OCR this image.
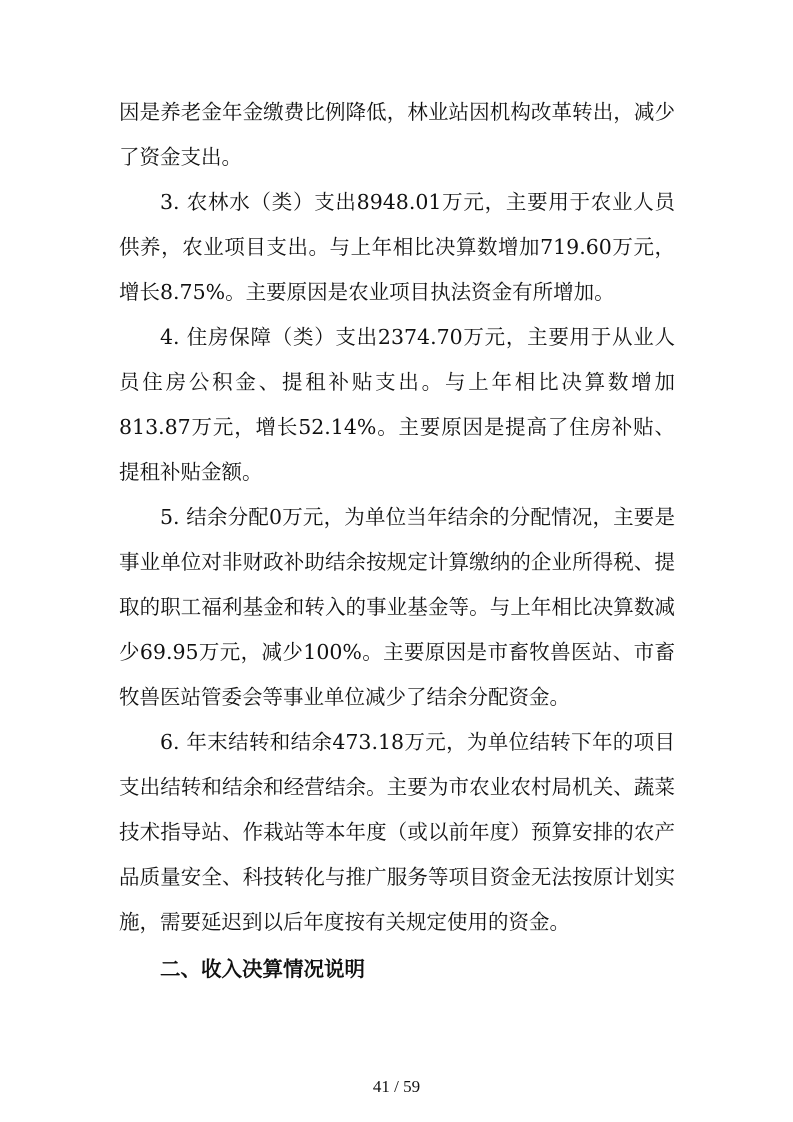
因是养老金年金缴费比例降低，林业站因机构改革转出，减少了资金支出。

3. 农林水（类）支出8948.01万元，主要用于农业人员供养，农业项目支出。与上年相比决算数增加719.60万元，增长8.75%。主要原因是农业项目执法资金有所增加。

4. 住房保障（类）支出2374.70万元，主要用于从业人员住房公积金、提租补贴支出。与上年相比决算数增加813.87万元，增长52.14%。主要原因是提高了住房补贴、提租补贴金额。

5. 结余分配0万元，为单位当年结余的分配情况，主要是事业单位对非财政补助结余按规定计算缴纳的企业所得税、提取的职工福利基金和转入的事业基金等。与上年相比决算数减少69.95万元，减少100%。主要原因是市畜牧兽医站、市畜牧兽医站管委会等事业单位减少了结余分配资金。

6. 年末结转和结余473.18万元，为单位结转下年的项目支出结转和结余和经营结余。主要为市农业农村局机关、蔬菜技术指导站、作栽站等本年度（或以前年度）预算安排的农产品质量安全、科技转化与推广服务等项目资金无法按原计划实施，需要延迟到以后年度按有关规定使用的资金。

二、收入决算情况说明

41 / 59
